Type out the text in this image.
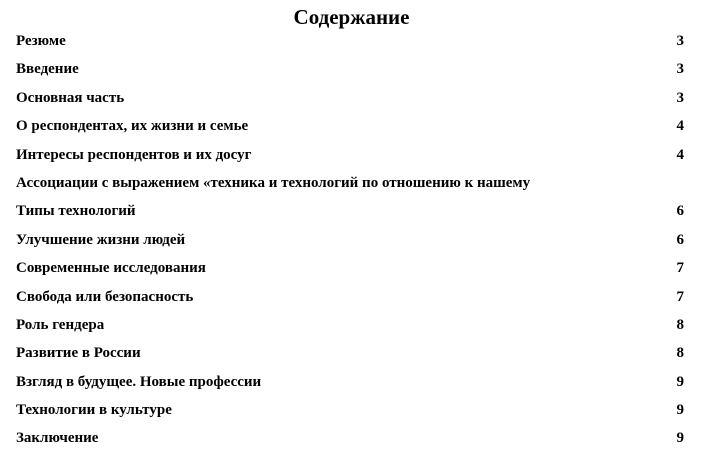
Содержание
Резюме	3
Введение	3
Основная часть	3
О респондентах, их жизни и семье	4
Интересы респондентов и их досуг	4
Ассоциации с выражением «техника и технологий по отношению к нашему
Типы технологий	6
Улучшение жизни людей	6
Современные исследования	7
Свобода или безопасность	7
Роль гендера	8
Развитие в России	8
Взгляд в будущее. Новые профессии	9
Технологии в культуре	9
Заключение	9
